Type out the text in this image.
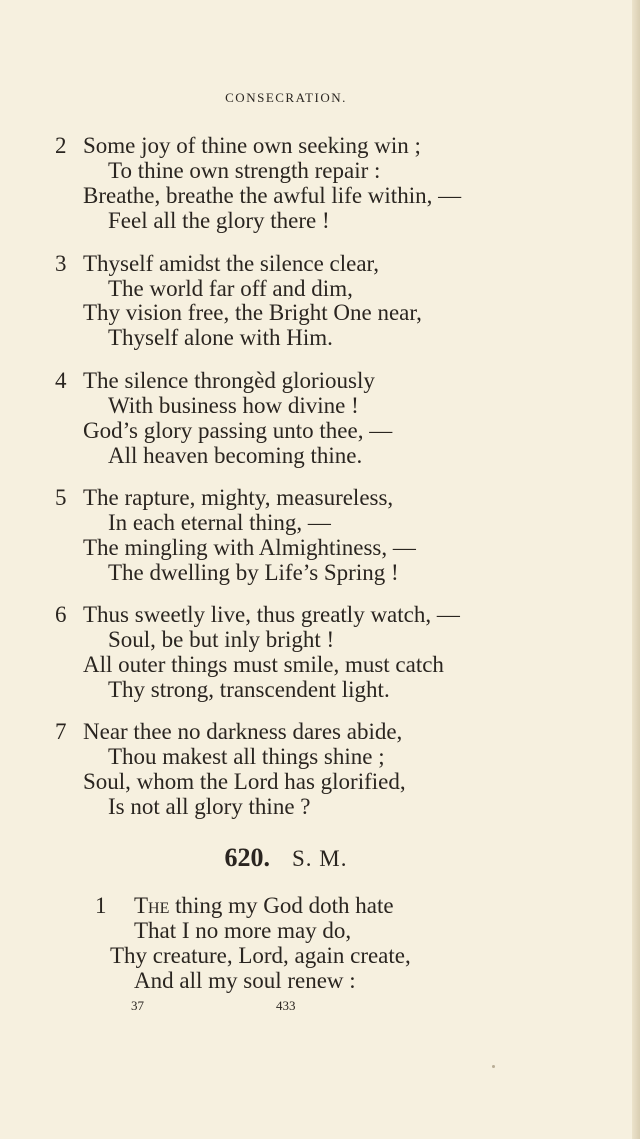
CONSECRATION.
2 Some joy of thine own seeking win ;
To thine own strength repair :
Breathe, breathe the awful life within, —
Feel all the glory there !
3 Thyself amidst the silence clear,
The world far off and dim,
Thy vision free, the Bright One near,
Thyself alone with Him.
4 The silence throngèd gloriously
With business how divine !
God’s glory passing unto thee, —
All heaven becoming thine.
5 The rapture, mighty, measureless,
In each eternal thing, —
The mingling with Almightiness, —
The dwelling by Life’s Spring !
6 Thus sweetly live, thus greatly watch, —
Soul, be but inly bright !
All outer things must smile, must catch
Thy strong, transcendent light.
7 Near thee no darkness dares abide,
Thou makest all things shine ;
Soul, whom the Lord has glorified,
Is not all glory thine ?
620. S. M.
1 The thing my God doth hate
That I no more may do,
Thy creature, Lord, again create,
And all my soul renew :
37	433
